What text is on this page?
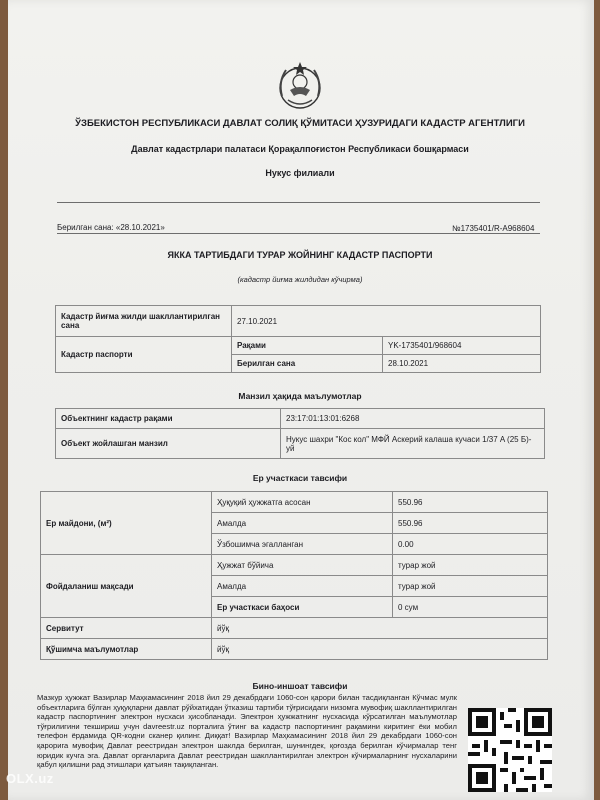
ЎЗБЕКИСТОН РЕСПУБЛИКАСИ ДАВЛАТ СОЛИҚ ҚЎМИТАСИ ҲУЗУРИДАГИ КАДАСТР АГЕНТЛИГИ
Давлат кадастрлари палатаси Қорақалпоғистон Республикаси бошқармаси
Нукус филиали
Берилган сана: «28.10.2021»	№1735401/R-A968604
ЯККА ТАРТИБДАГИ ТУРАР ЖОЙНИНГ КАДАСТР ПАСПОРТИ
(кадастр йиғма жилдидан кўчирма)
Кадастр йиғма жилди шакллантирилган сана	27.10.2021	
Кадастр паспорти	Рақами	YK-1735401/968604
	Берилган сана	28.10.2021
Манзил ҳақида маълумотлар
Объектнинг кадастр рақами	23:17:01:13:01:6268
Объект жойлашган манзил	Нукус шахри "Кос кол" МФЙ Аскерий калаша кучаси 1/37 A (25 Б)-уй
Ер участкаси тавсифи
Ер майдони, (м²)	Ҳуқуқий ҳужжатга асосан	550.96
	Амалда	550.96
	Ўзбошимча эгалланган	0.00
Фойдаланиш мақсади	Ҳужжат бўйича	турар жой
	Амалда	турар жой
	Ер участкаси баҳоси	0 сум
Сервитут	йўқ	
Қўшимча маълумотлар	йўқ	
Бино-иншоат тавсифи
Мазкур ҳужжат Вазирлар Маҳкамасининг 2018 йил 29 декабрдаги 1060-сон қарори билан тасдиқланган Кўчмас мулк объектларига бўлган ҳуқуқларни давлат рўйхатидан ўтказиш тартиби тўғрисидаги низомга мувофиқ шакллантирилган кадастр паспортининг электрон нусхаси ҳисобланади. Электрон ҳужжатнинг нусхасида кўрсатилган маълумотлар тўғрилигини текшириш учун davreestr.uz порталига ўтинг ва кадастр паспортининг рақамини киритинг ёки мобил телефон ёрдамида QR-кодни сканер қилинг. Диққат! Вазирлар Маҳкамасининг 2018 йил 29 декабрдаги 1060-сон қарорига мувофиқ Давлат реестридан электрон шаклда берилган, шунингдек, қоғозда берилган кўчирмалар тенг юридик кучга эга. Давлат органларига Давлат реестридан шакллантирилган электрон кўчирмаларнинг нусхаларини қабул қилишни рад этишлари қатъиян тақиқланган.
OLX.uz
